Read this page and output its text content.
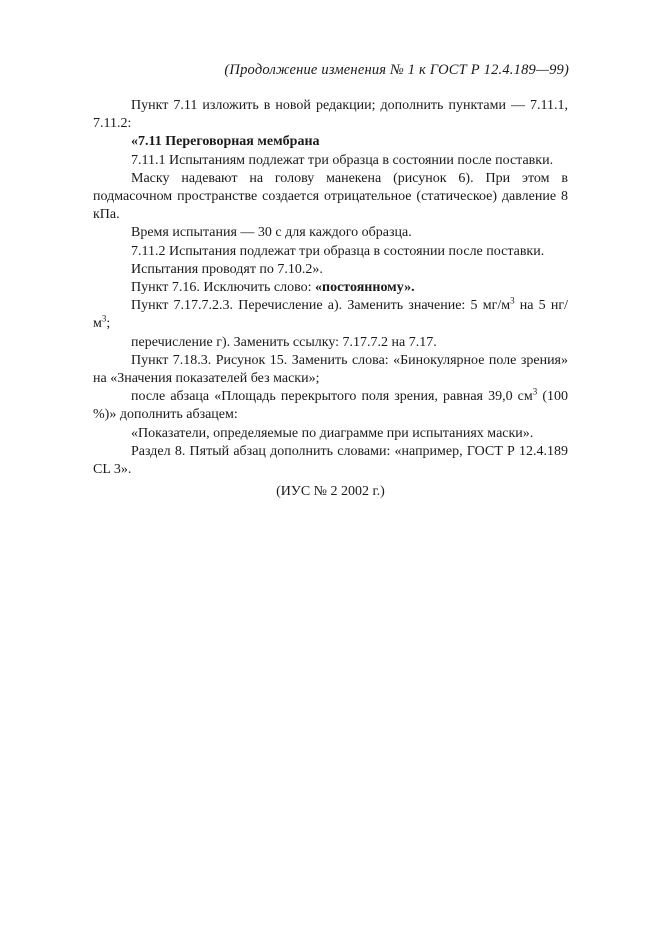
(Продолжение изменения № 1 к ГОСТ Р 12.4.189—99)

Пункт 7.11 изложить в новой редакции; дополнить пунктами — 7.11.1, 7.11.2:

«7.11 Переговорная мембрана

7.11.1 Испытаниям подлежат три образца в состоянии после поставки.

Маску надевают на голову манекена (рисунок 6). При этом в подмасочном пространстве создается отрицательное (статическое) давление 8 кПа.

Время испытания — 30 с для каждого образца.

7.11.2 Испытания подлежат три образца в состоянии после поставки.

Испытания проводят по 7.10.2».

Пункт 7.16. Исключить слово: «постоянному».

Пункт 7.17.7.2.3. Перечисление а). Заменить значение: 5 $мг/м^3$ на 5 $нг/м^3$;

перечисление г). Заменить ссылку: 7.17.7.2 на 7.17.

Пункт 7.18.3. Рисунок 15. Заменить слова: «Бинокулярное поле зрения» на «Значения показателей без маски»;

после абзаца «Площадь перекрытого поля зрения, равная 39,0 $см^3$ (100 %)» дополнить абзацем:

«Показатели, определяемые по диаграмме при испытаниях маски».

Раздел 8. Пятый абзац дополнить словами: «например, ГОСТ Р 12.4.189 CL 3».

(ИУС № 2 2002 г.)
